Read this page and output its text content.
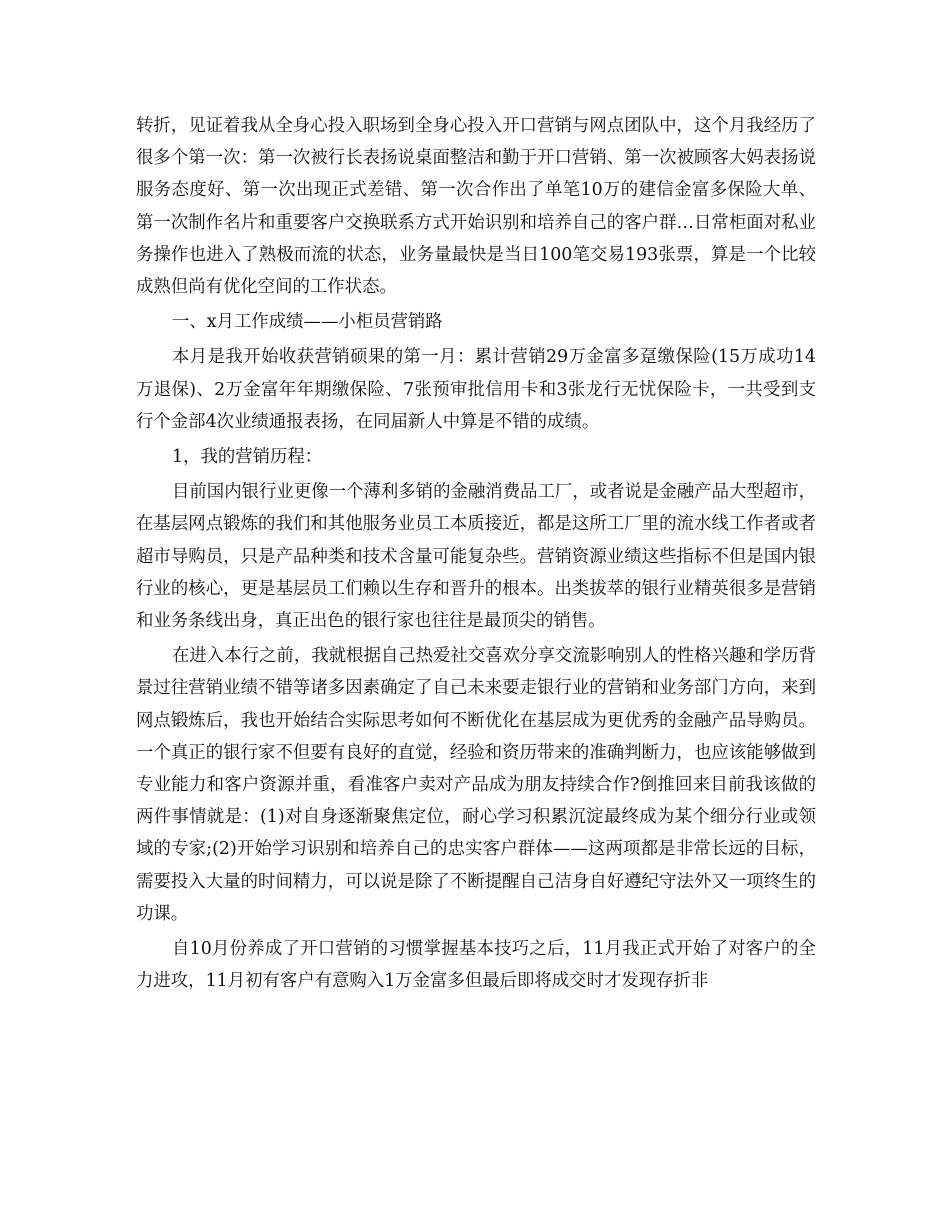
转折，见证着我从全身心投入职场到全身心投入开口营销与网点团队中，这个月我经历了很多个第一次：第一次被行长表扬说桌面整洁和勤于开口营销、第一次被顾客大妈表扬说服务态度好、第一次出现正式差错、第一次合作出了单笔10万的建信金富多保险大单、第一次制作名片和重要客户交换联系方式开始识别和培养自己的客户群…日常柜面对私业务操作也进入了熟极而流的状态，业务量最快是当日100笔交易193张票，算是一个比较成熟但尚有优化空间的工作状态。

一、x月工作成绩——小柜员营销路

本月是我开始收获营销硕果的第一月：累计营销29万金富多趸缴保险(15万成功14万退保)、2万金富年年期缴保险、7张预审批信用卡和3张龙行无忧保险卡，一共受到支行个金部4次业绩通报表扬，在同届新人中算是不错的成绩。

1，我的营销历程：

目前国内银行业更像一个薄利多销的金融消费品工厂，或者说是金融产品大型超市，在基层网点锻炼的我们和其他服务业员工本质接近，都是这所工厂里的流水线工作者或者超市导购员，只是产品种类和技术含量可能复杂些。营销资源业绩这些指标不但是国内银行业的核心，更是基层员工们赖以生存和晋升的根本。出类拔萃的银行业精英很多是营销和业务条线出身，真正出色的银行家也往往是最顶尖的销售。

在进入本行之前，我就根据自己热爱社交喜欢分享交流影响别人的性格兴趣和学历背景过往营销业绩不错等诸多因素确定了自己未来要走银行业的营销和业务部门方向，来到网点锻炼后，我也开始结合实际思考如何不断优化在基层成为更优秀的金融产品导购员。一个真正的银行家不但要有良好的直觉，经验和资历带来的准确判断力，也应该能够做到专业能力和客户资源并重，看准客户卖对产品成为朋友持续合作?倒推回来目前我该做的两件事情就是：(1)对自身逐渐聚焦定位，耐心学习积累沉淀最终成为某个细分行业或领域的专家;(2)开始学习识别和培养自己的忠实客户群体——这两项都是非常长远的目标，需要投入大量的时间精力，可以说是除了不断提醒自己洁身自好遵纪守法外又一项终生的功课。

自10月份养成了开口营销的习惯掌握基本技巧之后，11月我正式开始了对客户的全力进攻，11月初有客户有意购入1万金富多但最后即将成交时才发现存折非
